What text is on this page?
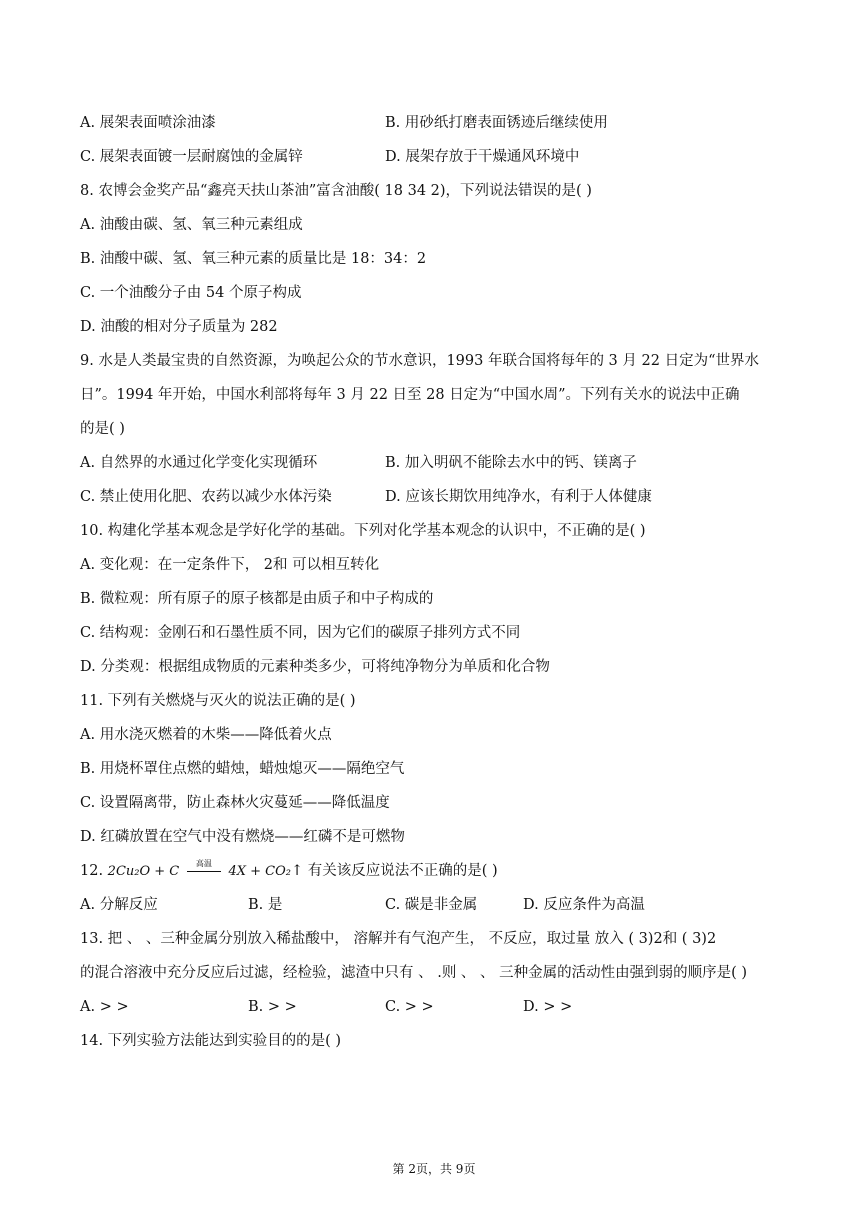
A. 展架表面喷涂油漆	B. 用砂纸打磨表面锈迹后继续使用
C. 展架表面镀一层耐腐蚀的金属锌	D. 展架存放于干燥通风环境中
8. 农博会金奖产品“鑫亮天扶山茶油”富含油酸( 18 34 2)，下列说法错误的是( )
A. 油酸由碳、氢、氧三种元素组成
B. 油酸中碳、氢、氧三种元素的质量比是 18：34：2
C. 一个油酸分子由 54 个原子构成
D. 油酸的相对分子质量为 282
9. 水是人类最宝贵的自然资源，为唤起公众的节水意识，1993 年联合国将每年的 3 月 22 日定为“世界水
日”。1994 年开始，中国水利部将每年 3 月 22 日至 28 日定为“中国水周”。下列有关水的说法中正确
的是( )
A. 自然界的水通过化学变化实现循环	B. 加入明矾不能除去水中的钙、镁离子
C. 禁止使用化肥、农药以减少水体污染	D. 应该长期饮用纯净水，有利于人体健康
10. 构建化学基本观念是学好化学的基础。下列对化学基本观念的认识中，不正确的是( )
A. 变化观：在一定条件下， 2和 可以相互转化
B. 微粒观：所有原子的原子核都是由质子和中子构成的
C. 结构观：金刚石和石墨性质不同，因为它们的碳原子排列方式不同
D. 分类观：根据组成物质的元素种类多少，可将纯净物分为单质和化合物
11. 下列有关燃烧与灭火的说法正确的是( )
A. 用水浇灭燃着的木柴——降低着火点
B. 用烧杯罩住点燃的蜡烛，蜡烛熄灭——隔绝空气
C. 设置隔离带，防止森林火灾蔓延——降低温度
D. 红磷放置在空气中没有燃烧——红磷不是可燃物
A. 分解反应	B. 是	C. 碳是非金属	D. 反应条件为高温
13. 把 、 、三种金属分别放入稀盐酸中， 溶解并有气泡产生， 不反应，取过量 放入 ( 3)2和 ( 3)2
的混合溶液中充分反应后过滤，经检验，滤渣中只有 、 .则 、 、 三种金属的活动性由强到弱的顺序是( )
A. > >	B. > >	C. > >	D. > >
14. 下列实验方法能达到实验目的的是( )
12. 2Cu₂O + C
高温
4X + CO₂↑ 有关该反应说法不正确的是( )
第 2页，共 9页
